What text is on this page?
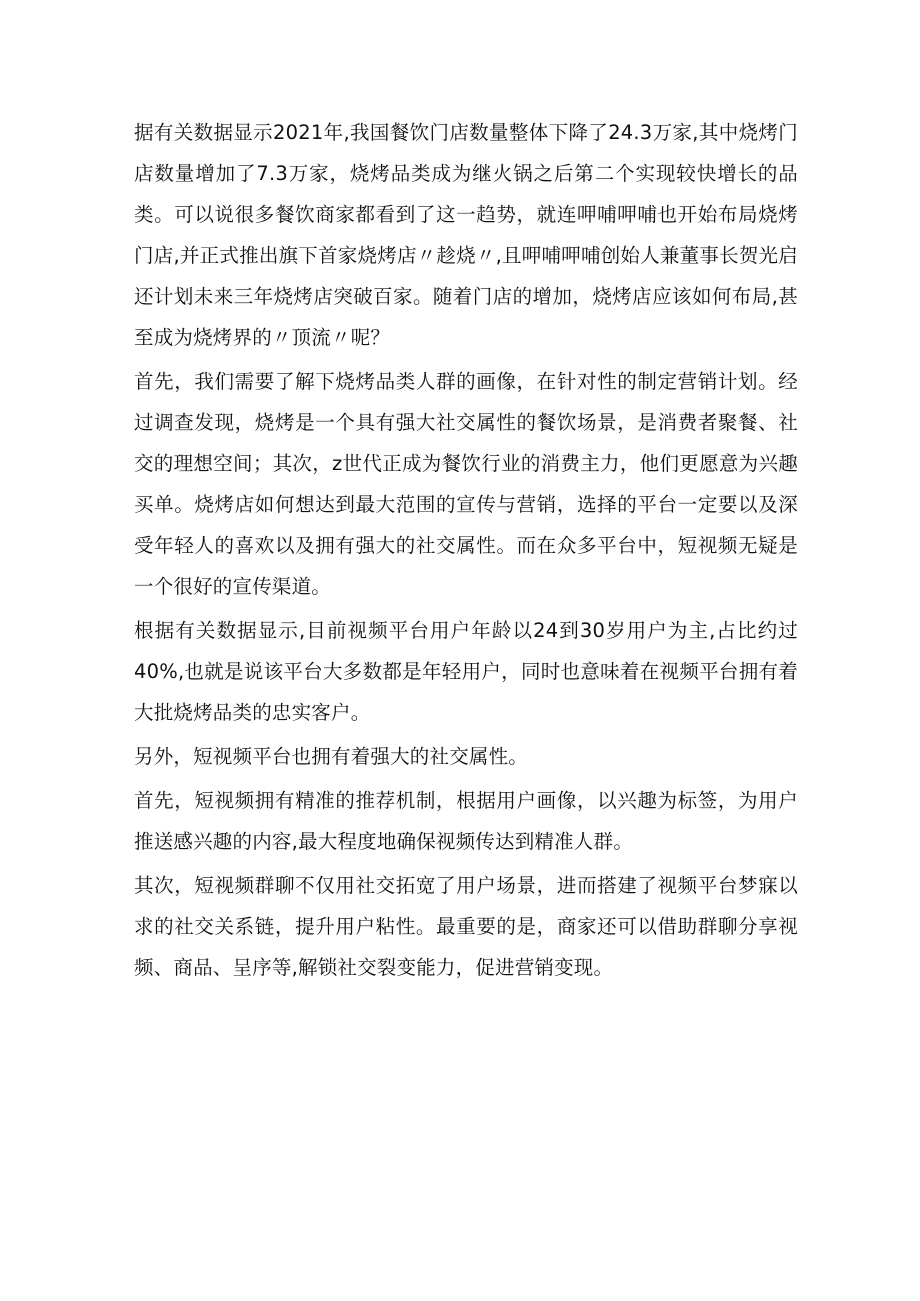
据有关数据显示2021年,我国餐饮门店数量整体下降了24.3万家,其中烧烤门店数量增加了7.3万家，烧烤品类成为继火锅之后第二个实现较快增长的品类。可以说很多餐饮商家都看到了这一趋势，就连呷哺呷哺也开始布局烧烤门店,并正式推出旗下首家烧烤店〃趁烧〃,且呷哺呷哺创始人兼董事长贺光启还计划未来三年烧烤店突破百家。随着门店的增加，烧烤店应该如何布局,甚至成为烧烤界的〃顶流〃呢？

首先，我们需要了解下烧烤品类人群的画像，在针对性的制定营销计划。经过调查发现，烧烤是一个具有强大社交属性的餐饮场景，是消费者聚餐、社交的理想空间；其次，z世代正成为餐饮行业的消费主力，他们更愿意为兴趣买单。烧烤店如何想达到最大范围的宣传与营销，选择的平台一定要以及深受年轻人的喜欢以及拥有强大的社交属性。而在众多平台中，短视频无疑是一个很好的宣传渠道。

根据有关数据显示,目前视频平台用户年龄以24到30岁用户为主,占比约过40%,也就是说该平台大多数都是年轻用户，同时也意味着在视频平台拥有着大批烧烤品类的忠实客户。

另外，短视频平台也拥有着强大的社交属性。

首先，短视频拥有精准的推荐机制，根据用户画像，以兴趣为标签，为用户推送感兴趣的内容,最大程度地确保视频传达到精准人群。

其次，短视频群聊不仅用社交拓宽了用户场景，进而搭建了视频平台梦寐以求的社交关系链，提升用户粘性。最重要的是，商家还可以借助群聊分享视频、商品、呈序等,解锁社交裂变能力，促进营销变现。
